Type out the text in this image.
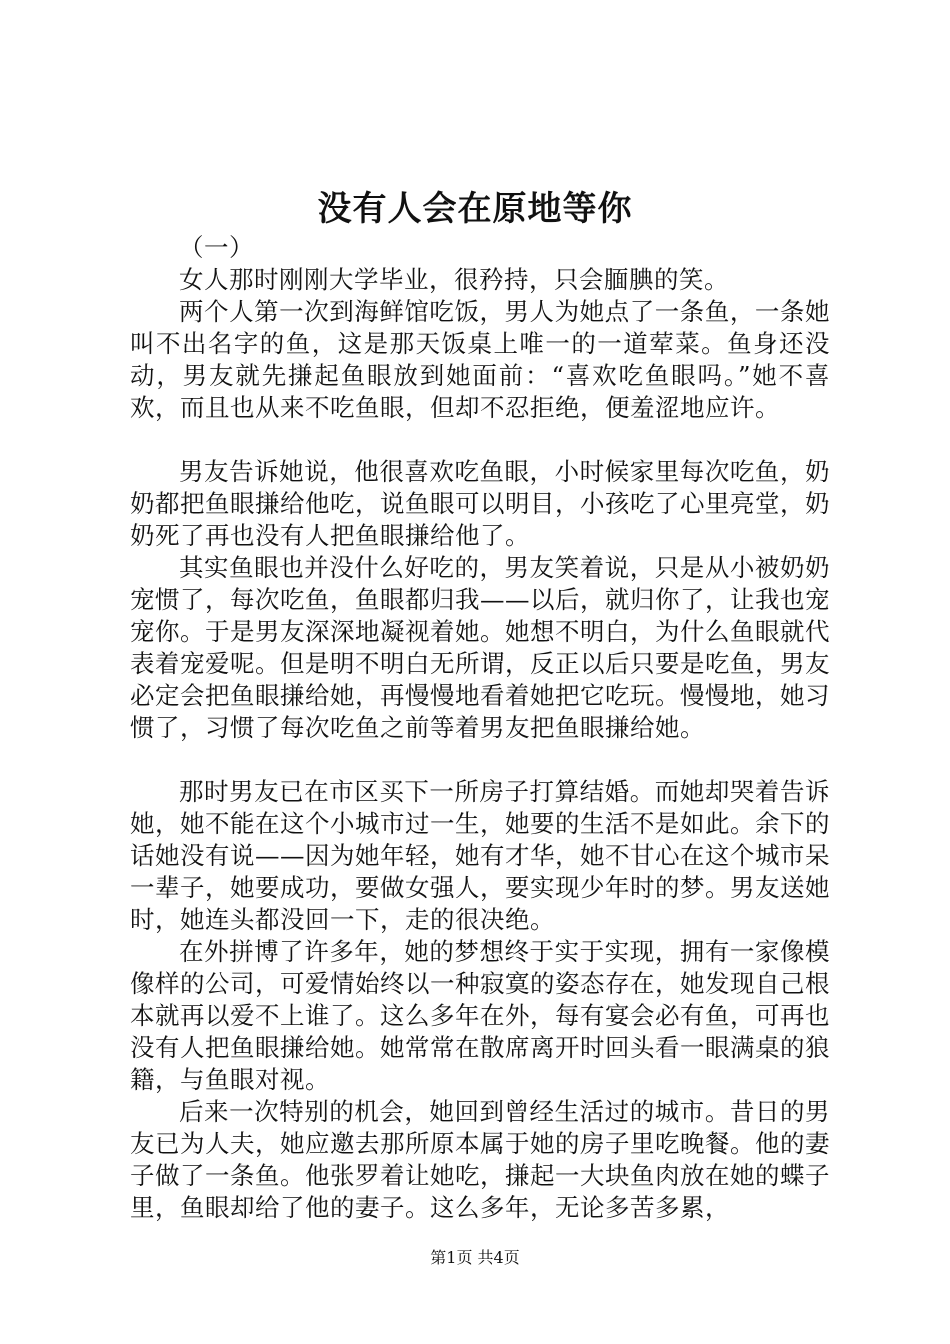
没有人会在原地等你

（一）

女人那时刚刚大学毕业，很矜持，只会腼腆的笑。

两个人第一次到海鲜馆吃饭，男人为她点了一条鱼，一条她叫不出名字的鱼，这是那天饭桌上唯一的一道荤菜。鱼身还没动，男友就先搛起鱼眼放到她面前：“喜欢吃鱼眼吗。”她不喜欢，而且也从来不吃鱼眼，但却不忍拒绝，便羞涩地应许。

男友告诉她说，他很喜欢吃鱼眼，小时候家里每次吃鱼，奶奶都把鱼眼搛给他吃，说鱼眼可以明目，小孩吃了心里亮堂，奶奶死了再也没有人把鱼眼搛给他了。

其实鱼眼也并没什么好吃的，男友笑着说，只是从小被奶奶宠惯了，每次吃鱼，鱼眼都归我——以后，就归你了，让我也宠宠你。于是男友深深地凝视着她。她想不明白，为什么鱼眼就代表着宠爱呢。但是明不明白无所谓，反正以后只要是吃鱼，男友必定会把鱼眼搛给她，再慢慢地看着她把它吃玩。慢慢地，她习惯了，习惯了每次吃鱼之前等着男友把鱼眼搛给她。

那时男友已在市区买下一所房子打算结婚。而她却哭着告诉她，她不能在这个小城市过一生，她要的生活不是如此。余下的话她没有说——因为她年轻，她有才华，她不甘心在这个城市呆一辈子，她要成功，要做女强人，要实现少年时的梦。男友送她时，她连头都没回一下，走的很决绝。

在外拼博了许多年，她的梦想终于实于实现，拥有一家像模像样的公司，可爱情始终以一种寂寞的姿态存在，她发现自己根本就再以爱不上谁了。这么多年在外，每有宴会必有鱼，可再也没有人把鱼眼搛给她。她常常在散席离开时回头看一眼满桌的狼籍，与鱼眼对视。

后来一次特别的机会，她回到曾经生活过的城市。昔日的男友已为人夫，她应邀去那所原本属于她的房子里吃晚餐。他的妻子做了一条鱼。他张罗着让她吃，搛起一大块鱼肉放在她的蝶子里，鱼眼却给了他的妻子。这么多年，无论多苦多累，

第1页 共4页
